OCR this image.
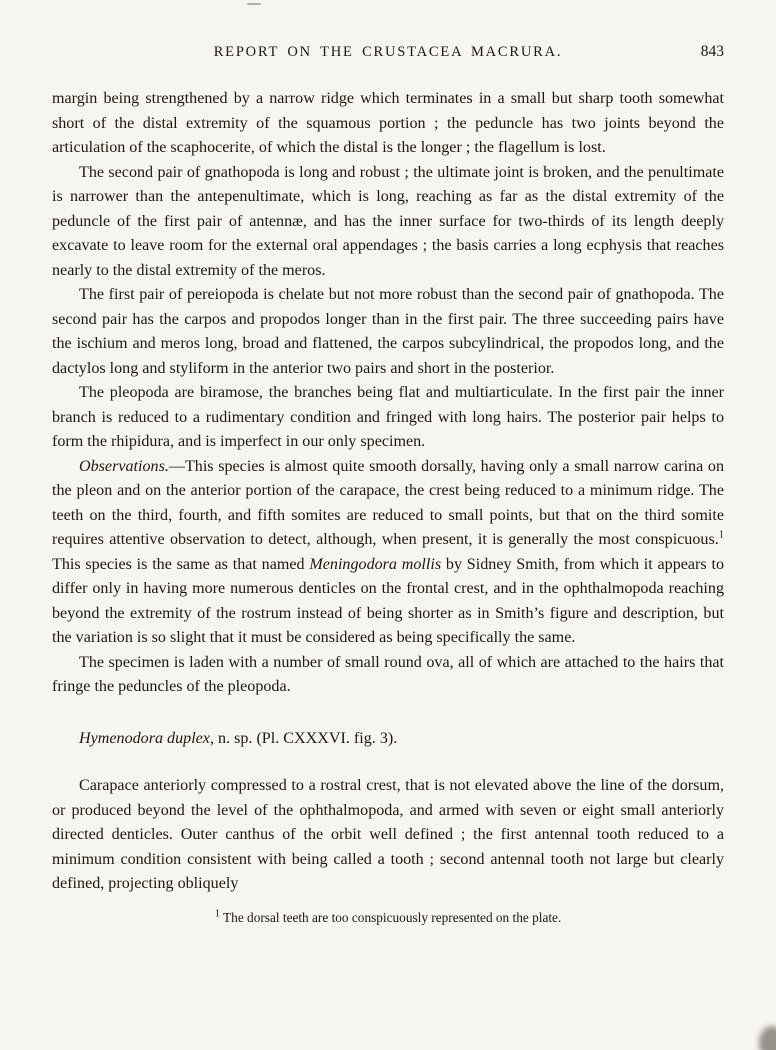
REPORT ON THE CRUSTACEA MACRURA.	843

margin being strengthened by a narrow ridge which terminates in a small but sharp tooth somewhat short of the distal extremity of the squamous portion ; the peduncle has two joints beyond the articulation of the scaphocerite, of which the distal is the longer ; the flagellum is lost.

The second pair of gnathopoda is long and robust ; the ultimate joint is broken, and the penultimate is narrower than the antepenultimate, which is long, reaching as far as the distal extremity of the peduncle of the first pair of antennæ, and has the inner surface for two-thirds of its length deeply excavate to leave room for the external oral appendages ; the basis carries a long ecphysis that reaches nearly to the distal extremity of the meros.

The first pair of pereiopoda is chelate but not more robust than the second pair of gnathopoda. The second pair has the carpos and propodos longer than in the first pair. The three succeeding pairs have the ischium and meros long, broad and flattened, the carpos subcylindrical, the propodos long, and the dactylos long and styliform in the anterior two pairs and short in the posterior.

The pleopoda are biramose, the branches being flat and multiarticulate. In the first pair the inner branch is reduced to a rudimentary condition and fringed with long hairs. The posterior pair helps to form the rhipidura, and is imperfect in our only specimen.

Observations.—This species is almost quite smooth dorsally, having only a small narrow carina on the pleon and on the anterior portion of the carapace, the crest being reduced to a minimum ridge. The teeth on the third, fourth, and fifth somites are reduced to small points, but that on the third somite requires attentive observation to detect, although, when present, it is generally the most conspicuous.$^1$ This species is the same as that named Meningodora mollis by Sidney Smith, from which it appears to differ only in having more numerous denticles on the frontal crest, and in the ophthalmopoda reaching beyond the extremity of the rostrum instead of being shorter as in Smith’s figure and description, but the variation is so slight that it must be considered as being specifically the same.

The specimen is laden with a number of small round ova, all of which are attached to the hairs that fringe the peduncles of the pleopoda.

Hymenodora duplex, n. sp. (Pl. CXXXVI. fig. 3).

Carapace anteriorly compressed to a rostral crest, that is not elevated above the line of the dorsum, or produced beyond the level of the ophthalmopoda, and armed with seven or eight small anteriorly directed denticles. Outer canthus of the orbit well defined ; the first antennal tooth reduced to a minimum condition consistent with being called a tooth ; second antennal tooth not large but clearly defined, projecting obliquely

$^1$ The dorsal teeth are too conspicuously represented on the plate.
